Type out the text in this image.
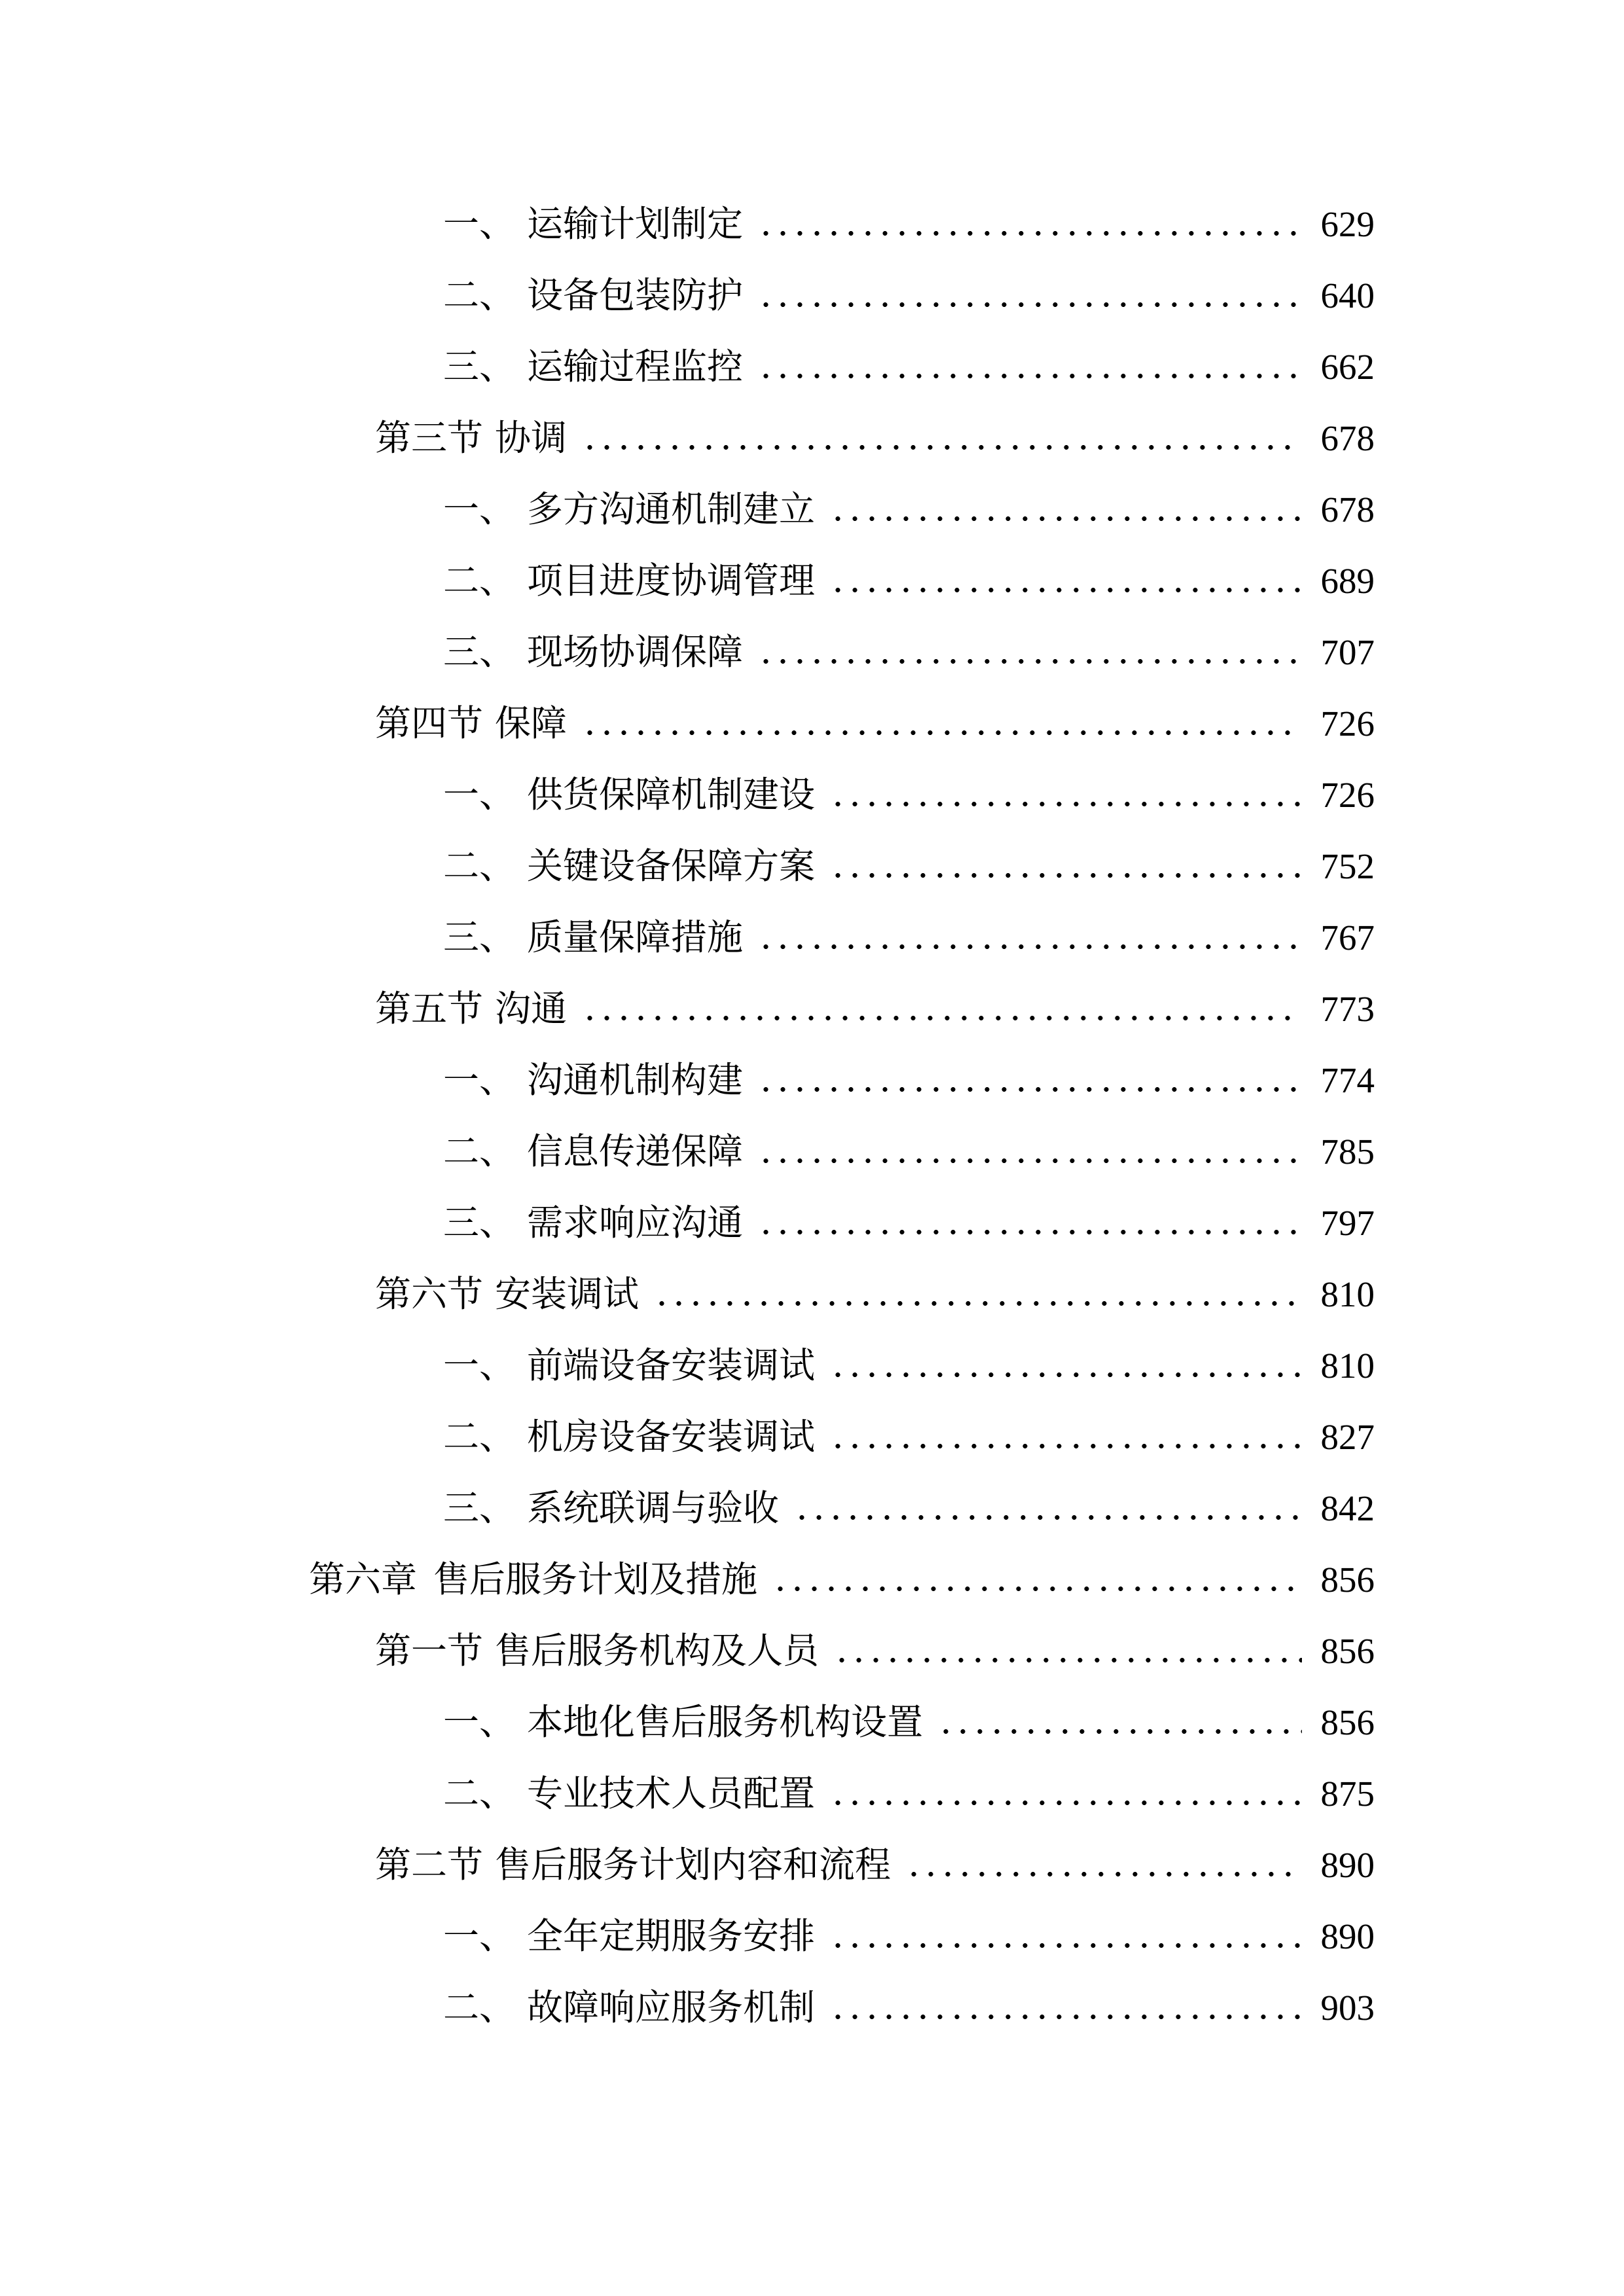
一、 运输计划制定	629
二、 设备包装防护	640
三、 运输过程监控	662
第三节 协调	678
一、 多方沟通机制建立	678
二、 项目进度协调管理	689
三、 现场协调保障	707
第四节 保障	726
一、 供货保障机制建设	726
二、 关键设备保障方案	752
三、 质量保障措施	767
第五节 沟通	773
一、 沟通机制构建	774
二、 信息传递保障	785
三、 需求响应沟通	797
第六节 安装调试	810
一、 前端设备安装调试	810
二、 机房设备安装调试	827
三、 系统联调与验收	842
第六章 售后服务计划及措施	856
第一节 售后服务机构及人员	856
一、 本地化售后服务机构设置	856
二、 专业技术人员配置	875
第二节 售后服务计划内容和流程	890
一、 全年定期服务安排	890
二、 故障响应服务机制	903
